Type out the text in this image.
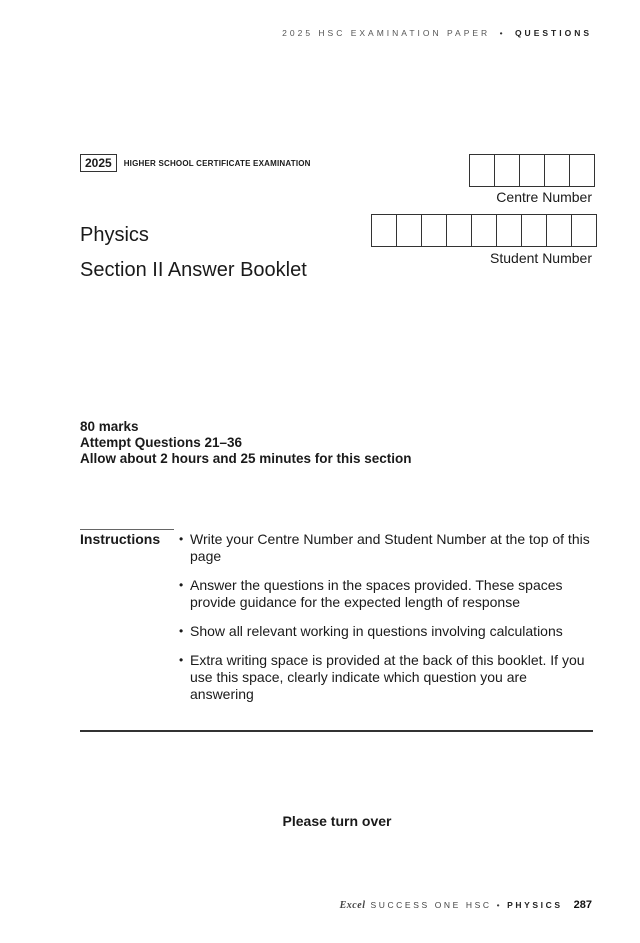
2025 HSC EXAMINATION PAPER • QUESTIONS
2025	HIGHER SCHOOL CERTIFICATE EXAMINATION
Centre Number
Student Number
Physics
Section II Answer Booklet
80 marks
Attempt Questions 21–36
Allow about 2 hours and 25 minutes for this section
Instructions • Write your Centre Number and Student Number at the top of this page
• Answer the questions in the spaces provided. These spaces provide guidance for the expected length of response
• Show all relevant working in questions involving calculations
• Extra writing space is provided at the back of this booklet. If you use this space, clearly indicate which question you are answering
Please turn over
Excel SUCCESS ONE HSC • PHYSICS 287
